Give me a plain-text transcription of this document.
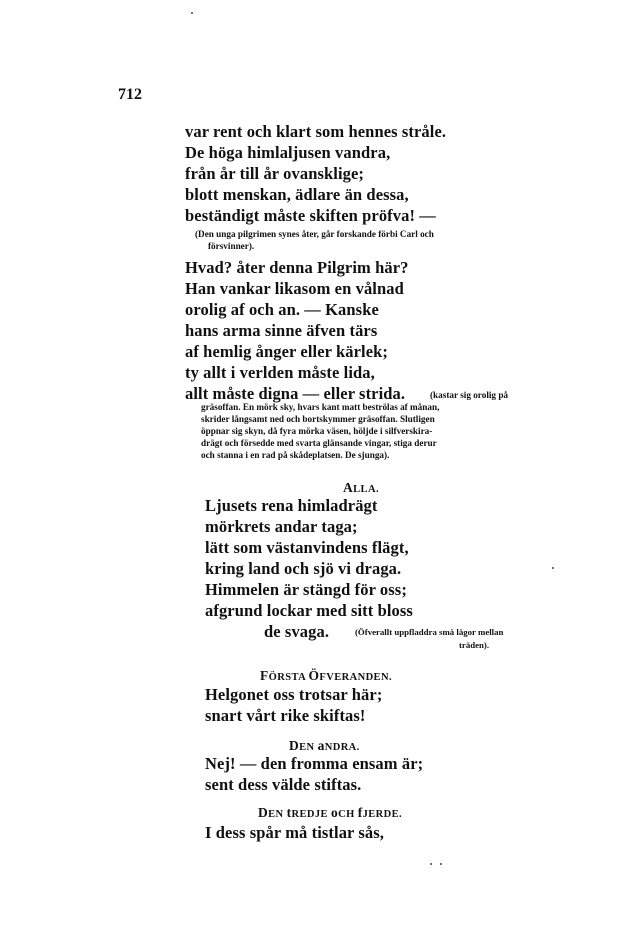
712
var rent och klart som hennes stråle.
De höga himlaljusen vandra,
från år till år ovansklige;
blott menskan, ädlare än dessa,
beständigt måste skiften pröfva! —
(Den unga pilgrimen synes åter, går forskande förbi Carl och
försvinner).
Hvad? åter denna Pilgrim här?
Han vankar likasom en vålnad
orolig af och an. — Kanske
hans arma sinne äfven tärs
af hemlig ånger eller kärlek;
ty allt i verlden måste lida,
allt måste digna — eller strida.	(kastar sig orolig på
gräsoffan. En mörk sky, hvars kant matt beströlas af månan,
skrider långsamt ned och bortskymmer gräsoffan. Slutligen
öppnar sig skyn, då fyra mörka väsen, höljde i silfverskira-
drägt och försedde med svarta glänsande vingar, stiga derur
och stanna i en rad på skådeplatsen. De sjunga).
ALLA.
Ljusets rena himladrägt
mörkrets andar taga;
lätt som västanvindens flägt,
kring land och sjö vi draga.
Himmelen är stängd för oss;
afgrund lockar med sitt bloss
de svaga.	(Öfverallt uppfladdra små lågor mellan
träden).
FÖRSTA ÖFVERANDEN.
Helgonet oss trotsar här;
snart vårt rike skiftas!
DEN aNDRA.
Nej! — den fromma ensam är;
sent dess välde stiftas.
DEN tREDJE oCH fJERDE.
I dess spår må tistlar sås,
